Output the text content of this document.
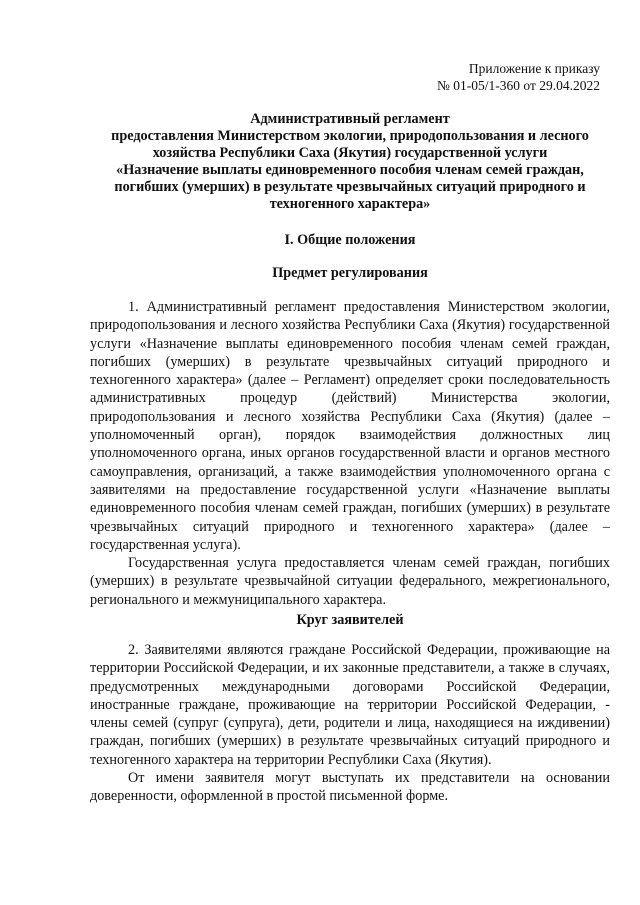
Приложение к приказу
№ 01-05/1-360 от 29.04.2022
Административный регламент
предоставления Министерством экологии, природопользования и лесного
хозяйства Республики Саха (Якутия) государственной услуги
«Назначение выплаты единовременного пособия членам семей граждан,
погибших (умерших) в результате чрезвычайных ситуаций природного и
техногенного характера»
I. Общие положения
Предмет регулирования

1. Административный регламент предоставления Министерством экологии, природопользования и лесного хозяйства Республики Саха (Якутия) государственной услуги «Назначение выплаты единовременного пособия членам семей граждан, погибших (умерших) в результате чрезвычайных ситуаций природного и техногенного характера» (далее – Регламент) определяет сроки последовательность административных процедур (действий) Министерства экологии, природопользования и лесного хозяйства Республики Саха (Якутия) (далее – уполномоченный орган), порядок взаимодействия должностных лиц уполномоченного органа, иных органов государственной власти и органов местного самоуправления, организаций, а также взаимодействия уполномоченного органа с заявителями на предоставление государственной услуги «Назначение выплаты единовременного пособия членам семей граждан, погибших (умерших) в результате чрезвычайных ситуаций природного и техногенного характера» (далее – государственная услуга).

Государственная услуга предоставляется членам семей граждан, погибших (умерших) в результате чрезвычайной ситуации федерального, межрегионального, регионального и межмуниципального характера.

Круг заявителей

2. Заявителями являются граждане Российской Федерации, проживающие на территории Российской Федерации, и их законные представители, а также в случаях, предусмотренных международными договорами Российской Федерации, иностранные граждане, проживающие на территории Российской Федерации, - члены семей (супруг (супруга), дети, родители и лица, находящиеся на иждивении) граждан, погибших (умерших) в результате чрезвычайных ситуаций природного и техногенного характера на территории Республики Саха (Якутия).

От имени заявителя могут выступать их представители на основании доверенности, оформленной в простой письменной форме.
